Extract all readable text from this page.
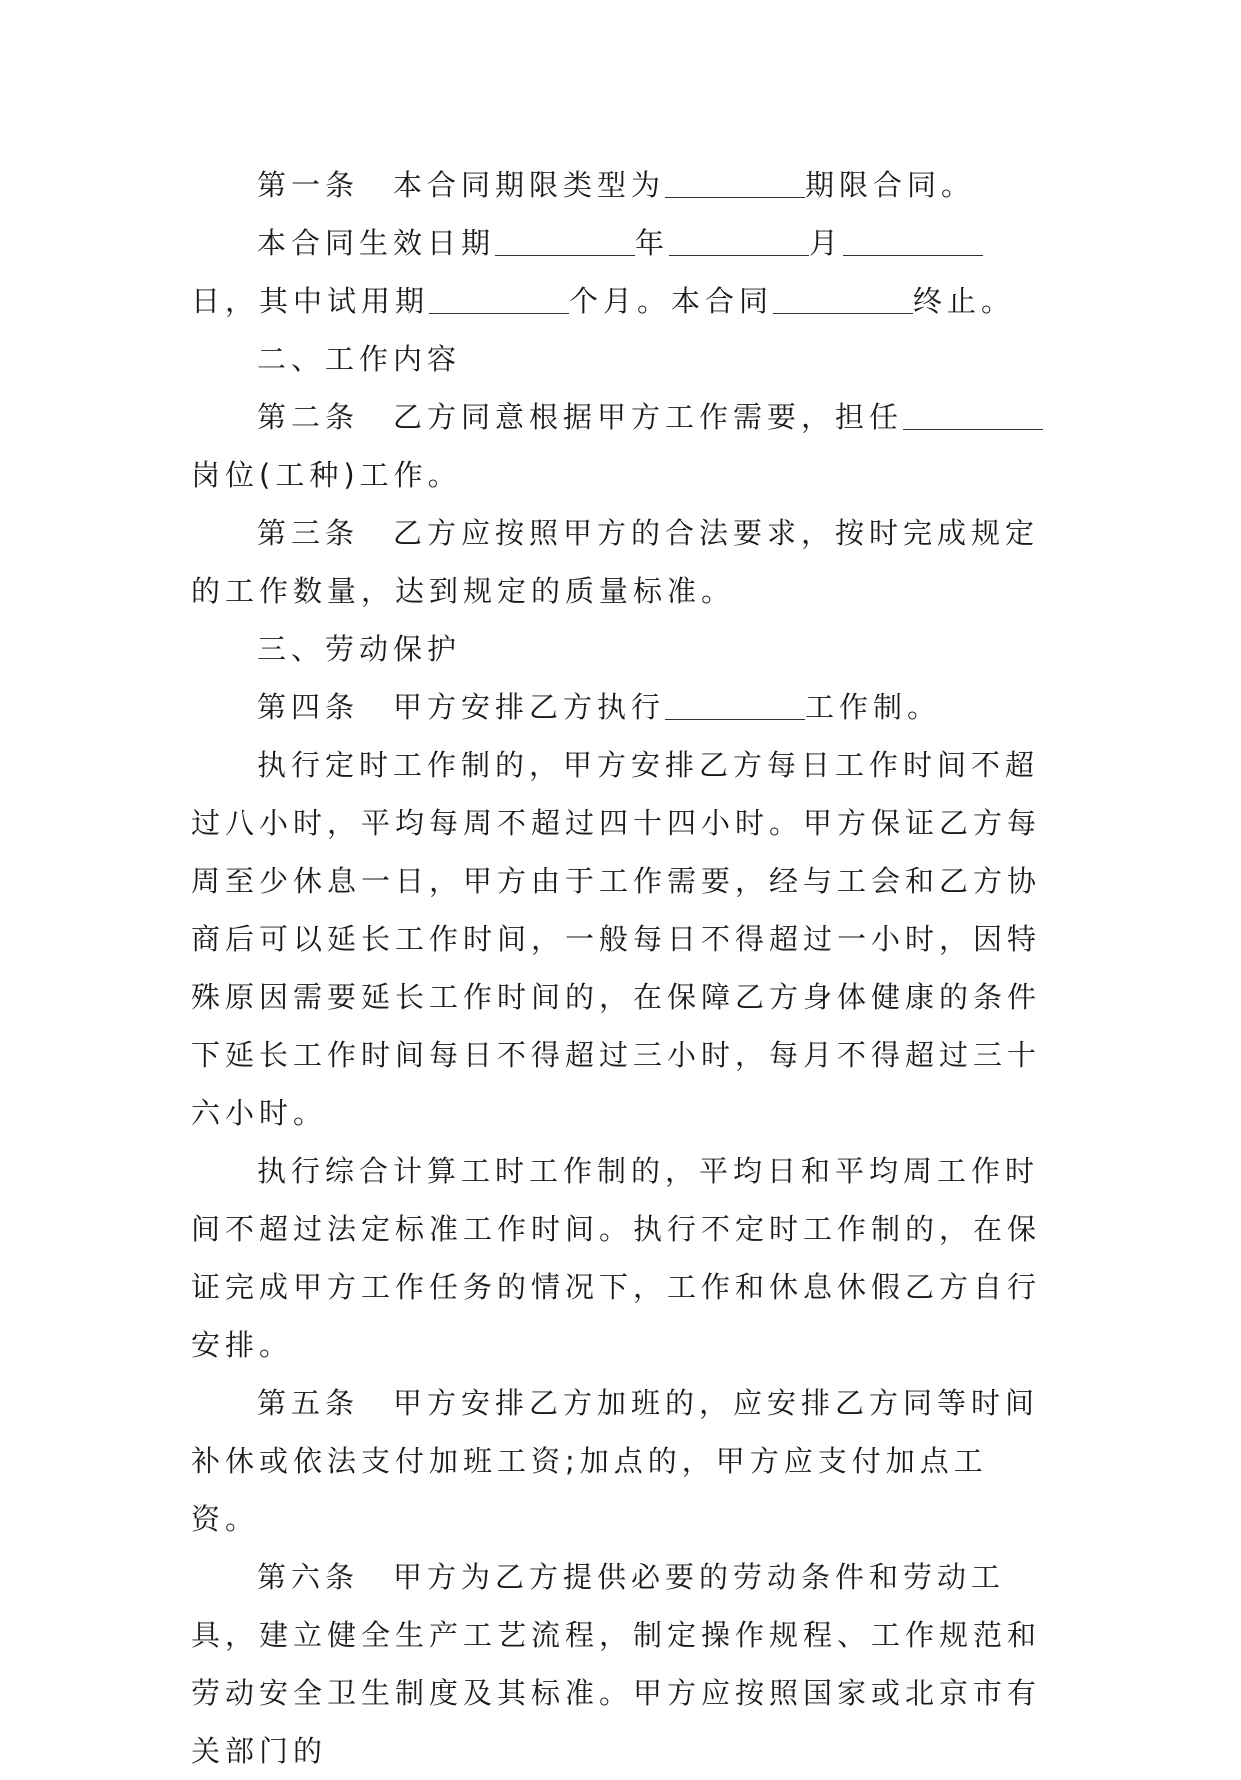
第一条　本合同期限类型为	期限合同。

本合同生效日期	年	月日，其中试用期	个月。本合同	终止。

二、工作内容

第二条　乙方同意根据甲方工作需要，担任岗位(工种)工作。

第三条　乙方应按照甲方的合法要求，按时完成规定的工作数量，达到规定的质量标准。

三、劳动保护

第四条　甲方安排乙方执行	工作制。

执行定时工作制的，甲方安排乙方每日工作时间不超过八小时，平均每周不超过四十四小时。甲方保证乙方每周至少休息一日，甲方由于工作需要，经与工会和乙方协商后可以延长工作时间，一般每日不得超过一小时，因特殊原因需要延长工作时间的，在保障乙方身体健康的条件下延长工作时间每日不得超过三小时，每月不得超过三十六小时。

执行综合计算工时工作制的，平均日和平均周工作时间不超过法定标准工作时间。执行不定时工作制的，在保证完成甲方工作任务的情况下，工作和休息休假乙方自行安排。

第五条　甲方安排乙方加班的，应安排乙方同等时间补休或依法支付加班工资;加点的，甲方应支付加点工资。

第六条　甲方为乙方提供必要的劳动条件和劳动工具，建立健全生产工艺流程，制定操作规程、工作规范和劳动安全卫生制度及其标准。甲方应按照国家或北京市有关部门的
